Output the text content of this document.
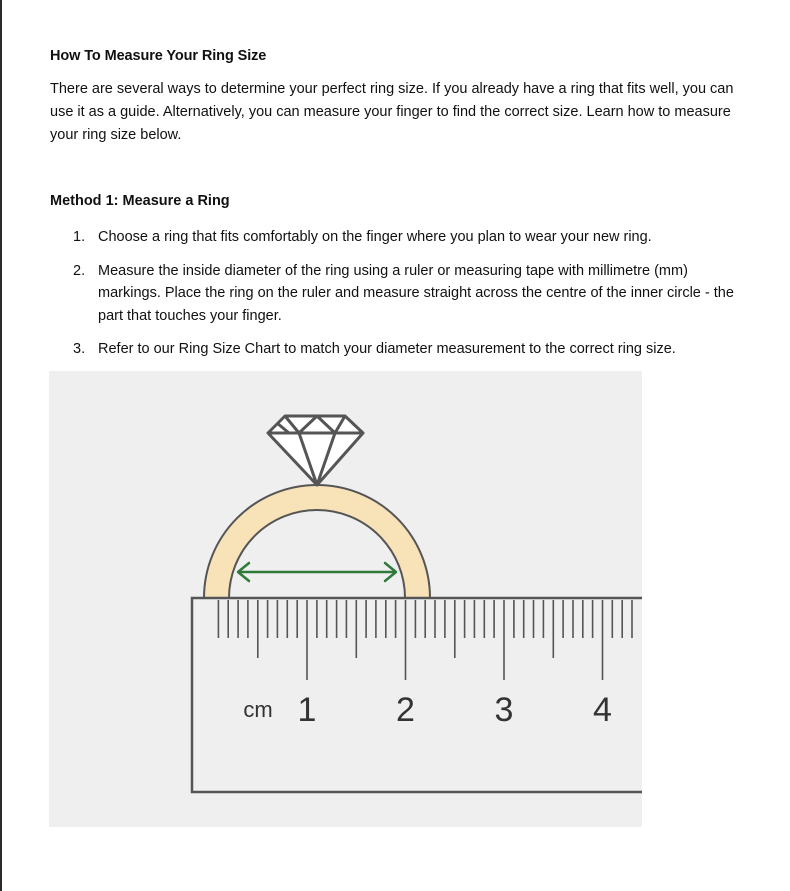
How To Measure Your Ring Size

There are several ways to determine your perfect ring size. If you already have a ring that fits well, you can use it as a guide. Alternatively, you can measure your finger to find the correct size. Learn how to measure your ring size below.

Method 1: Measure a Ring
1. Choose a ring that fits comfortably on the finger where you plan to wear your new ring.
2. Measure the inside diameter of the ring using a ruler or measuring tape with millimetre (mm) markings. Place the ring on the ruler and measure straight across the centre of the inner circle - the part that touches your finger.
3. Refer to our Ring Size Chart to match your diameter measurement to the correct ring size.
cm 1 2 3 4
